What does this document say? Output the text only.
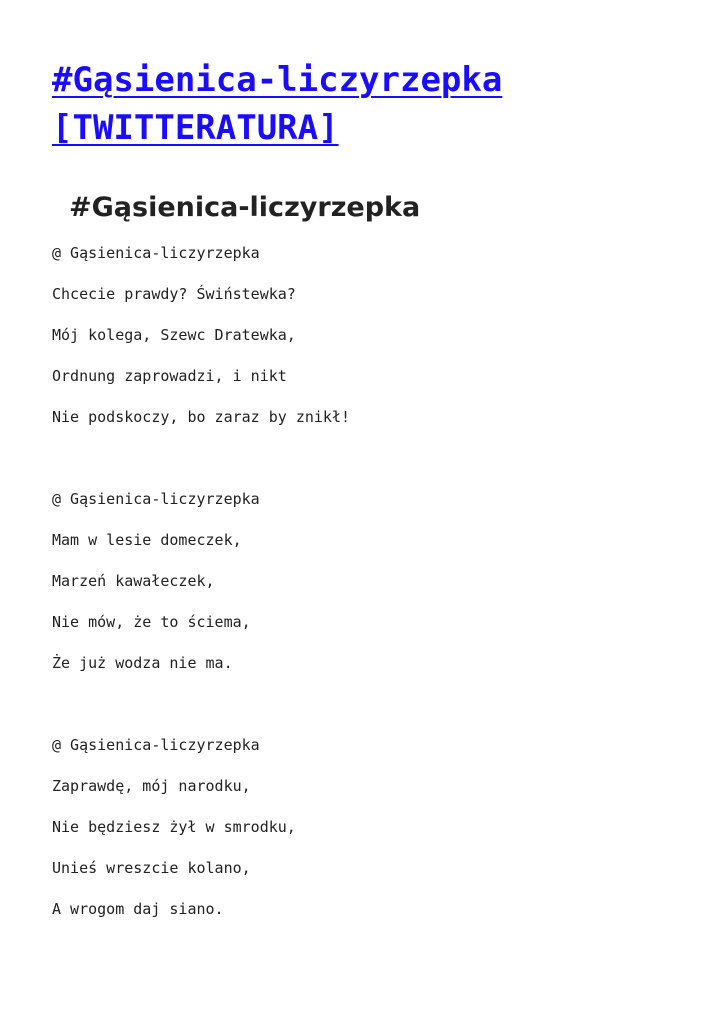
#Gąsienica-liczyrzepka [TWITTERATURA]
#Gąsienica-liczyrzepka
@ Gąsienica-liczyrzepka
Chcecie prawdy? Świństewka?
Mój kolega, Szewc Dratewka,
Ordnung zaprowadzi, i nikt
Nie podskoczy, bo zaraz by znikł!
@ Gąsienica-liczyrzepka
Mam w lesie domeczek,
Marzeń kawałeczek,
Nie mów, że to ściema,
Że już wodza nie ma.
@ Gąsienica-liczyrzepka
Zaprawdę, mój narodku,
Nie będziesz żył w smrodku,
Unieś wreszcie kolano,
A wrogom daj siano.
